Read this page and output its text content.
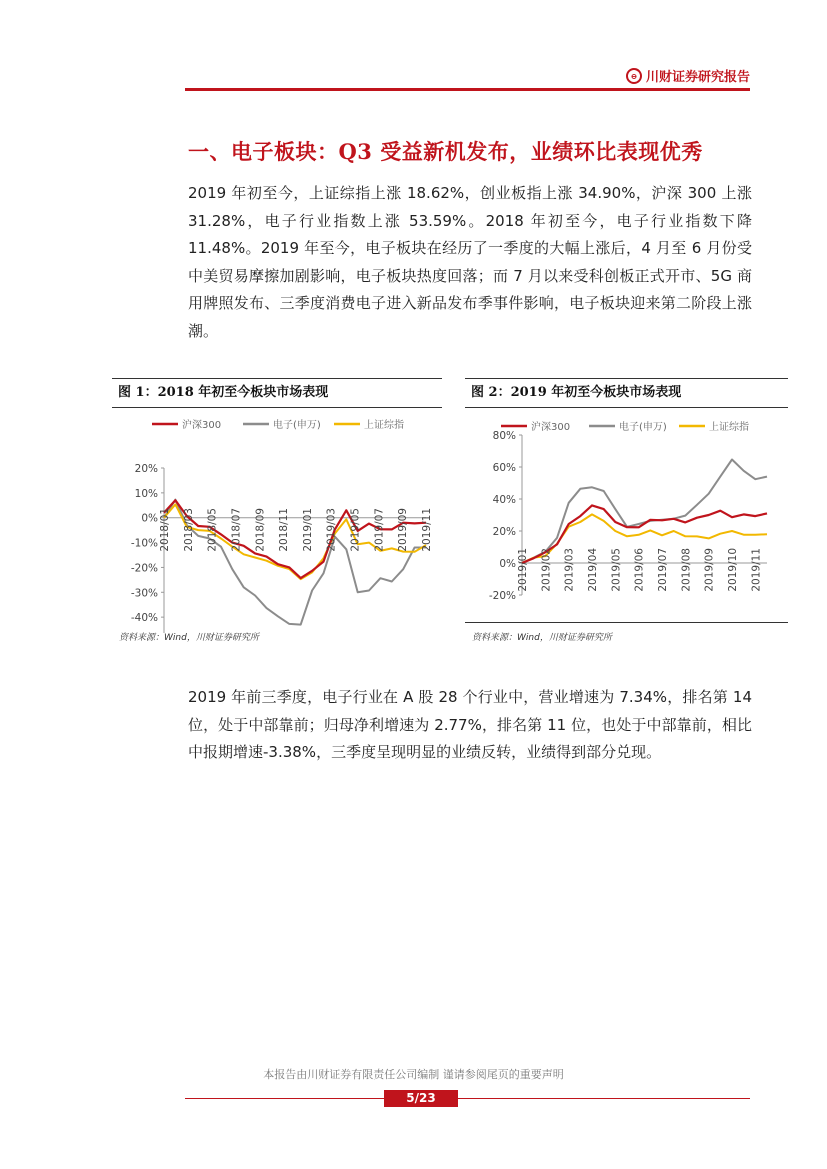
⊖ 川财证券研究报告
一、电子板块：Q3 受益新机发布，业绩环比表现优秀
2019 年初至今，上证综指上涨 18.62%，创业板指上涨 34.90%，沪深 300 上涨 31.28%，电子行业指数上涨 53.59%。2018 年初至今，电子行业指数下降 11.48%。2019 年至今，电子板块在经历了一季度的大幅上涨后，4 月至 6 月份受中美贸易摩擦加剧影响，电子板块热度回落；而 7 月以来受科创板正式开市、5G 商用牌照发布、三季度消费电子进入新品发布季事件影响，电子板块迎来第二阶段上涨潮。
图 1：2018 年初至今板块市场表现
沪深300	电子(申万)	上证综指
20%
10%
0%
-10%
-20%
-30%
-40%
2018/01 2018/03 2018/05 2018/07 2018/09 2018/11 2019/01 2019/03 2019/05 2019/07 2019/09 2019/11
资料来源：Wind，川财证券研究所
图 2：2019 年初至今板块市场表现
沪深300	电子(申万)	上证综指
80%
60%
40%
20%
0%
-20%
2019/01 2019/02 2019/03 2019/04 2019/05 2019/06 2019/07 2019/08 2019/09 2019/10 2019/11
资料来源：Wind，川财证券研究所
2019 年前三季度，电子行业在 A 股 28 个行业中，营业增速为 7.34%，排名第 14 位，处于中部靠前；归母净利增速为 2.77%，排名第 11 位，也处于中部靠前，相比中报期增速-3.38%，三季度呈现明显的业绩反转，业绩得到部分兑现。
本报告由川财证券有限责任公司编制 谨请参阅尾页的重要声明
5/23
